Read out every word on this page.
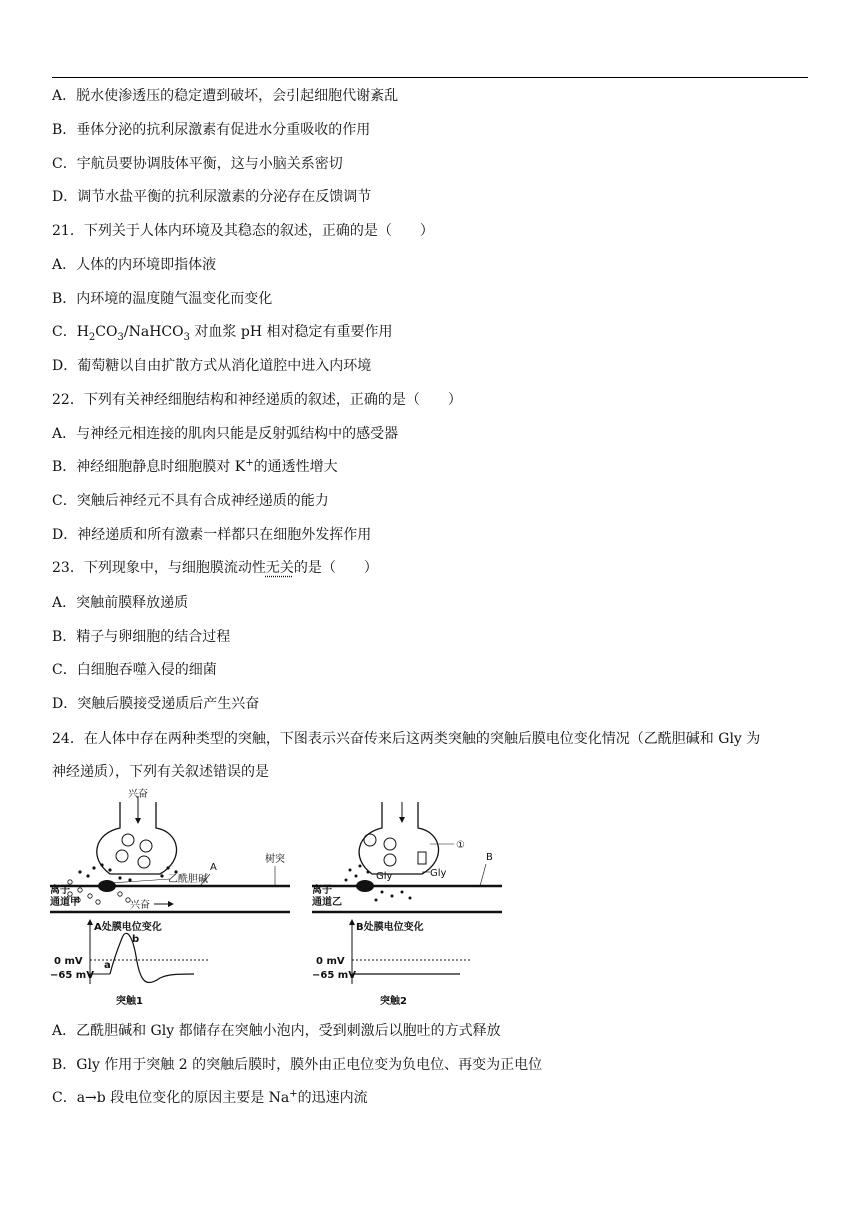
A．脱水使渗透压的稳定遭到破坏，会引起细胞代谢紊乱
B．垂体分泌的抗利尿激素有促进水分重吸收的作用
C．宇航员要协调肢体平衡，这与小脑关系密切
D．调节水盐平衡的抗利尿激素的分泌存在反馈调节
21．下列关于人体内环境及其稳态的叙述，正确的是（　　）
A．人体的内环境即指体液
B．内环境的温度随气温变化而变化
C．$H_2CO_3/NaHCO_3$ 对血浆 pH 相对稳定有重要作用
D．葡萄糖以自由扩散方式从消化道腔中进入内环境
22．下列有关神经细胞结构和神经递质的叙述，正确的是（　　）
A．与神经元相连接的肌肉只能是反射弧结构中的感受器
B．神经细胞静息时细胞膜对 K+的通透性增大
C．突触后神经元不具有合成神经递质的能力
D．神经递质和所有激素一样都只在细胞外发挥作用
23．下列现象中，与细胞膜流动性无关的是（　　）
A．突触前膜释放递质
B．精子与卵细胞的结合过程
C．白细胞吞噬入侵的细菌
D．突触后膜接受递质后产生兴奋
24．在人体中存在两种类型的突触，下图表示兴奋传来后这两类突触的突触后膜电位变化情况（乙酰胆碱和 Gly 为
神经递质），下列有关叙述错误的是
兴奋
乙酰胆碱
A
树突
离子
通道甲	兴奋
①
Gly	Gly
B
离子
通道乙
A处膜电位变化
0 mV
−65 mV
a
b
突触1
B处膜电位变化
0 mV
−65 mV
突触2
A．乙酰胆碱和 Gly 都储存在突触小泡内，受到刺激后以胞吐的方式释放
B．Gly 作用于突触 2 的突触后膜时，膜外由正电位变为负电位、再变为正电位
C．a→b 段电位变化的原因主要是 Na+的迅速内流
